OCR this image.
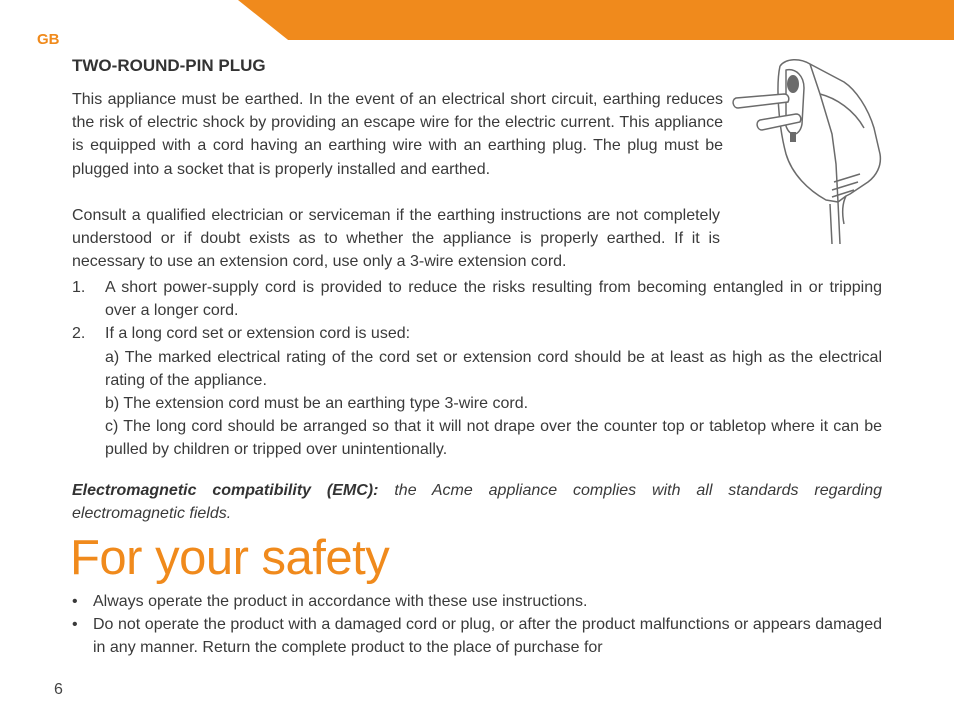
GB
TWO-ROUND-PIN PLUG

This appliance must be earthed. In the event of an electrical short circuit, earthing reduces the risk of electric shock by providing an escape wire for the electric current. This appliance is equipped with a cord having an earthing wire with an earthing plug. The plug must be plugged into a socket that is properly installed and earthed.

Consult a qualified electrician or serviceman if the earthing instructions are not completely understood or if doubt exists as to whether the appliance is properly earthed. If it is necessary to use an extension cord, use only a 3-wire extension cord.
1. A short power-supply cord is provided to reduce the risks resulting from becoming entangled in or tripping over a longer cord.
2. If a long cord set or extension cord is used:
a) The marked electrical rating of the cord set or extension cord should be at least as high as the electrical rating of the appliance.
b) The extension cord must be an earthing type 3-wire cord.
c) The long cord should be arranged so that it will not drape over the counter top or tabletop where it can be pulled by children or tripped over unintentionally.
Electromagnetic compatibility (EMC): the Acme appliance complies with all standards regarding electromagnetic fields.
For your safety
• Always operate the product in accordance with these use instructions.
• Do not operate the product with a damaged cord or plug, or after the product malfunctions or appears damaged in any manner. Return the complete product to the place of purchase for
6
